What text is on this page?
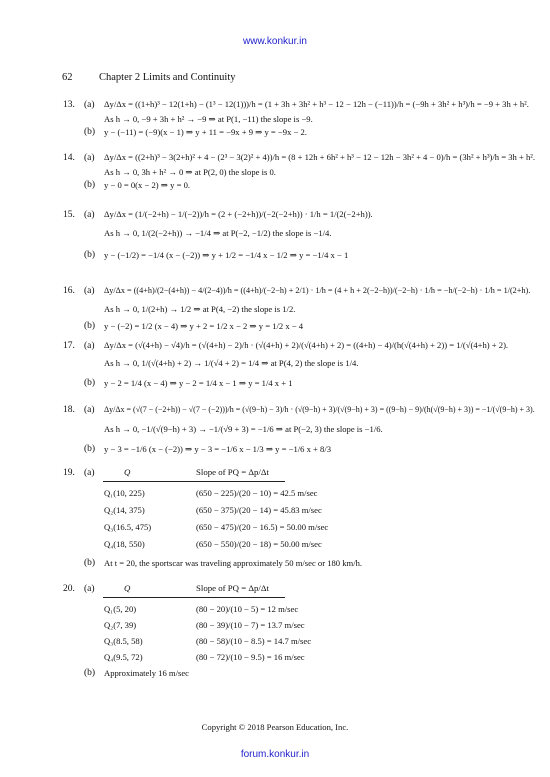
www.konkur.in
62	Chapter 2 Limits and Continuity
13. (a) Δy/Δx = ((1+h)³ − 12(1+h) − (1³ − 12(1)))/h = (1 + 3h + 3h² + h³ − 12 − 12h − (−11))/h = (−9h + 3h² + h³)/h = −9 + 3h + h².
As h → 0, −9 + 3h + h² → −9 ⇒ at P(1, −11) the slope is −9.
(b) y − (−11) = (−9)(x − 1) ⇒ y + 11 = −9x + 9 ⇒ y = −9x − 2.
14. (a) Δy/Δx = ((2+h)³ − 3(2+h)² + 4 − (2³ − 3(2)² + 4))/h = (8 + 12h + 6h² + h³ − 12 − 12h − 3h² + 4 − 0)/h = (3h² + h³)/h = 3h + h².
As h → 0, 3h + h² → 0 ⇒ at P(2, 0) the slope is 0.
(b) y − 0 = 0(x − 2) ⇒ y = 0.
15. (a) Δy/Δx = (1/(−2+h) − 1/(−2))/h = (2 + (−2+h))/(−2(−2+h)) · 1/h = 1/(2(−2+h)).
As h → 0, 1/(2(−2+h)) → −1/4 ⇒ at P(−2, −1/2) the slope is −1/4.
(b) y − (−1/2) = −1/4 (x − (−2)) ⇒ y + 1/2 = −1/4 x − 1/2 ⇒ y = −1/4 x − 1
16. (a) Δy/Δx = ((4+h)/(2−(4+h)) − 4/(2−4))/h = ((4+h)/(−2−h) + 2/1) · 1/h = (4 + h + 2(−2−h))/(−2−h) · 1/h = −h/(−2−h) · 1/h = 1/(2+h).
As h → 0, 1/(2+h) → 1/2 ⇒ at P(4, −2) the slope is 1/2.
(b) y − (−2) = 1/2 (x − 4) ⇒ y + 2 = 1/2 x − 2 ⇒ y = 1/2 x − 4
17. (a) Δy/Δx = (√(4+h) − √4)/h = (√(4+h) − 2)/h · (√(4+h) + 2)/(√(4+h) + 2) = ((4+h) − 4)/(h(√(4+h) + 2)) = 1/(√(4+h) + 2).
As h → 0, 1/(√(4+h) + 2) → 1/(√4 + 2) = 1/4 ⇒ at P(4, 2) the slope is 1/4.
(b) y − 2 = 1/4 (x − 4) ⇒ y − 2 = 1/4 x − 1 ⇒ y = 1/4 x + 1
18. (a) Δy/Δx = (√(7 − (−2+h)) − √(7 − (−2)))/h = (√(9−h) − 3)/h · (√(9−h) + 3)/(√(9−h) + 3) = ((9−h) − 9)/(h(√(9−h) + 3)) = −1/(√(9−h) + 3).
As h → 0, −1/(√(9−h) + 3) → −1/(√9 + 3) = −1/6 ⇒ at P(−2, 3) the slope is −1/6.
(b) y − 3 = −1/6 (x − (−2)) ⇒ y − 3 = −1/6 x − 1/3 ⇒ y = −1/6 x + 8/3
19. (a)	Q	Slope of PQ = Δp/Δt
Q₁(10, 225)	(650 − 225)/(20 − 10) = 42.5 m/sec
Q₂(14, 375)	(650 − 375)/(20 − 14) = 45.83 m/sec
Q₃(16.5, 475)	(650 − 475)/(20 − 16.5) = 50.00 m/sec
Q₄(18, 550)	(650 − 550)/(20 − 18) = 50.00 m/sec
(b) At t = 20, the sportscar was traveling approximately 50 m/sec or 180 km/h.
20. (a)	Q	Slope of PQ = Δp/Δt
Q₁(5, 20)	(80 − 20)/(10 − 5) = 12 m/sec
Q₂(7, 39)	(80 − 39)/(10 − 7) = 13.7 m/sec
Q₃(8.5, 58)	(80 − 58)/(10 − 8.5) = 14.7 m/sec
Q₄(9.5, 72)	(80 − 72)/(10 − 9.5) = 16 m/sec
(b) Approximately 16 m/sec
Copyright © 2018 Pearson Education, Inc.
forum.konkur.in
